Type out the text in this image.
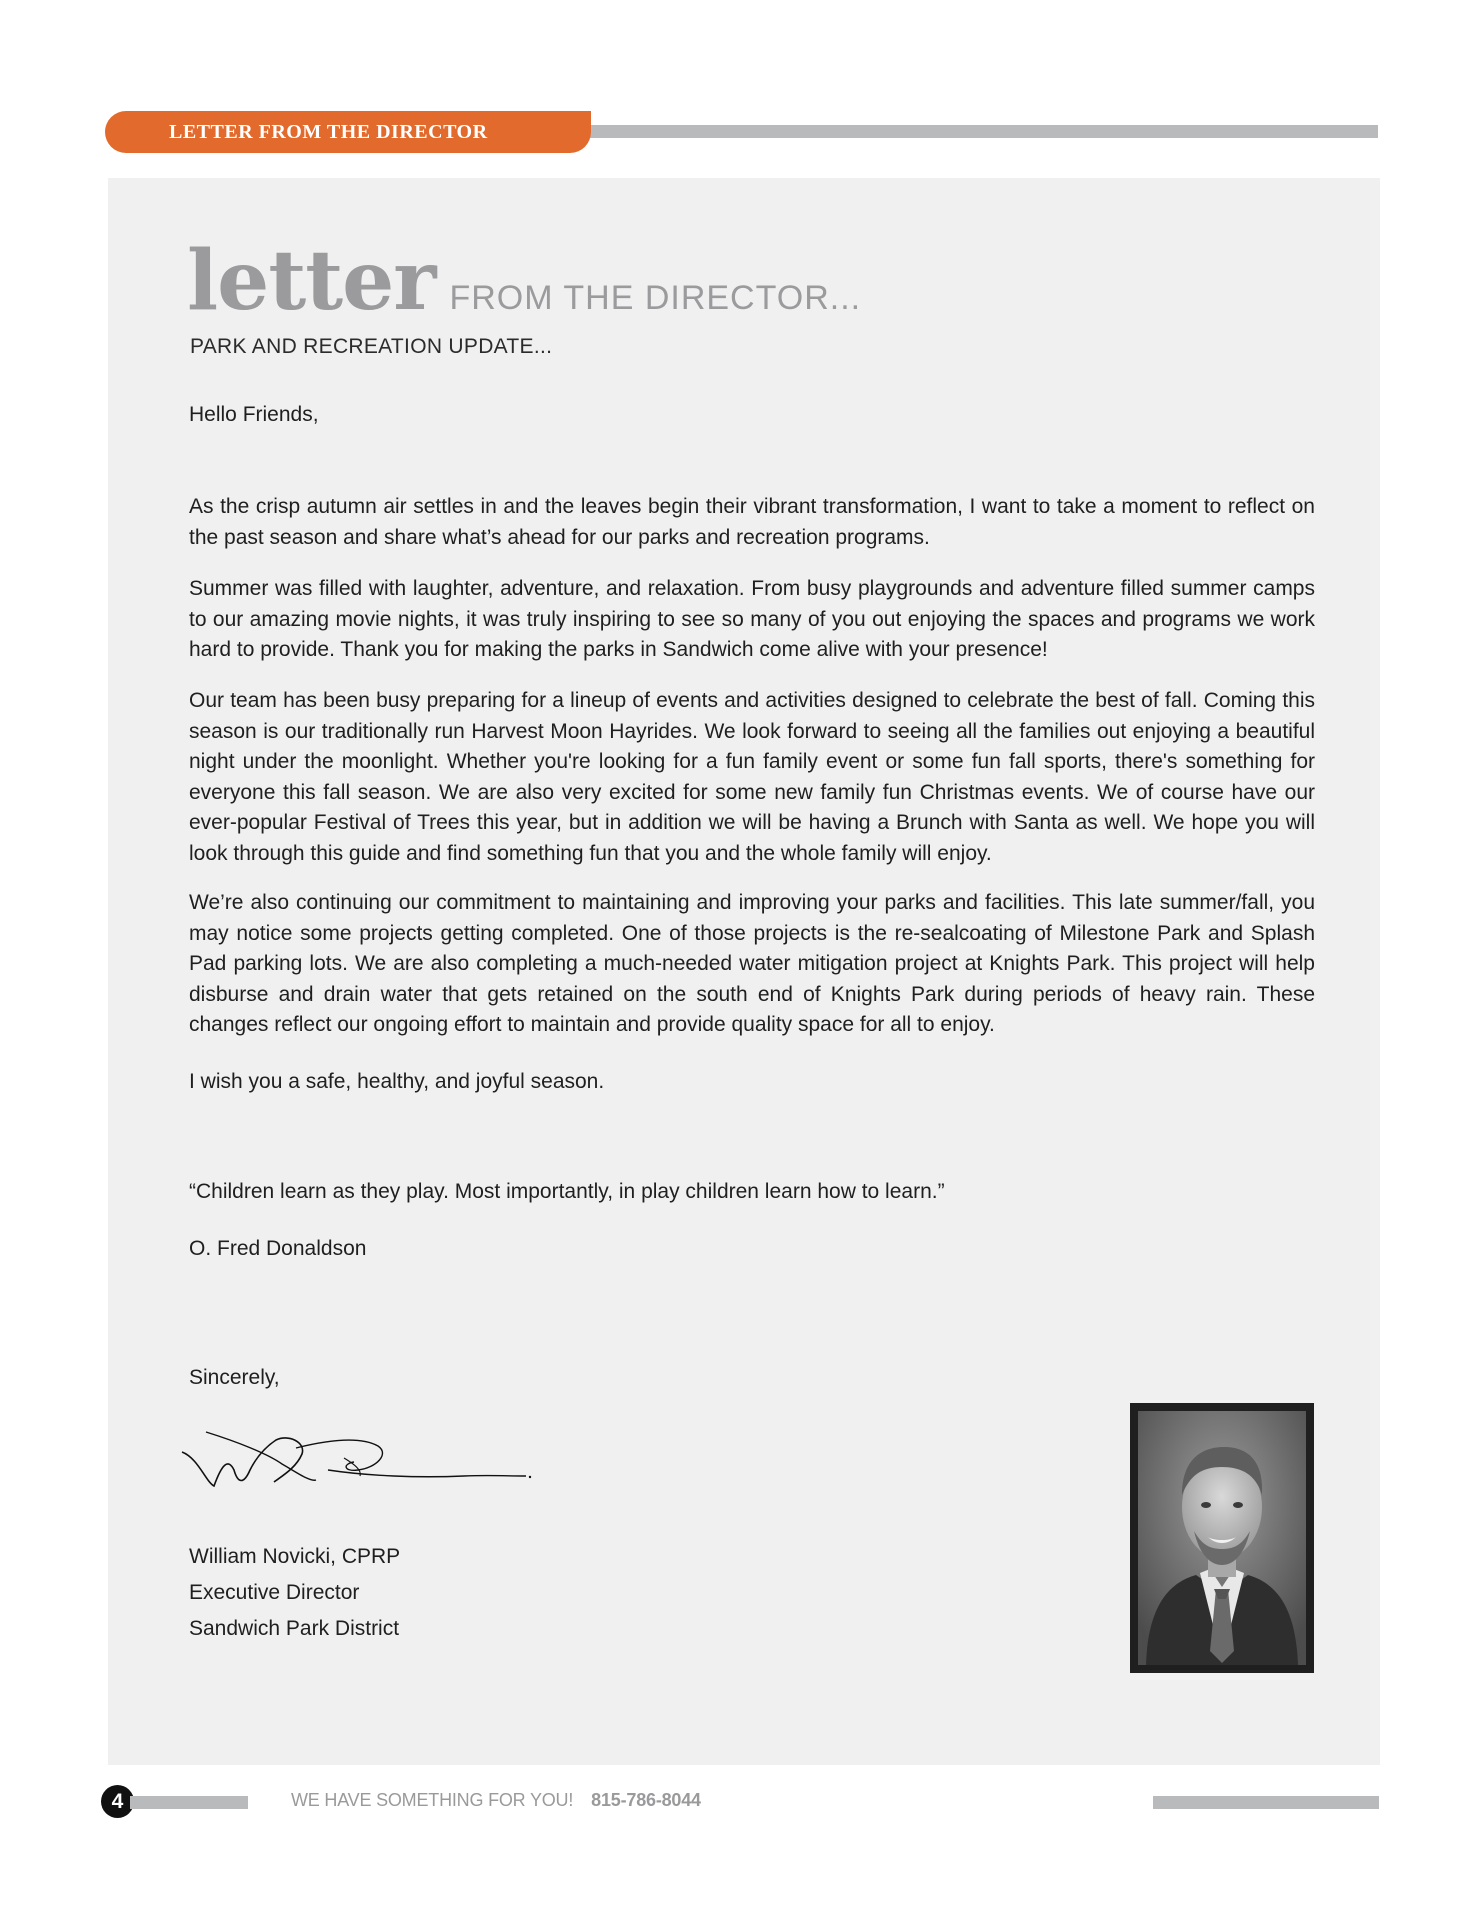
LETTER FROM THE DIRECTOR
letter FROM THE DIRECTOR...
PARK AND RECREATION UPDATE...
Hello Friends,
As the crisp autumn air settles in and the leaves begin their vibrant transformation, I want to take a moment to reflect on the past season and share what’s ahead for our parks and recreation programs.
Summer was filled with laughter, adventure, and relaxation. From busy playgrounds and adventure filled summer camps to our amazing movie nights, it was truly inspiring to see so many of you out enjoying the spaces and programs we work hard to provide. Thank you for making the parks in Sandwich come alive with your presence!
Our team has been busy preparing for a lineup of events and activities designed to celebrate the best of fall. Coming this season is our traditionally run Harvest Moon Hayrides. We look forward to seeing all the families out enjoying a beautiful night under the moonlight. Whether you're looking for a fun family event or some fun fall sports, there's something for everyone this fall season. We are also very excited for some new family fun Christmas events. We of course have our ever-popular Festival of Trees this year, but in addition we will be having a Brunch with Santa as well. We hope you will look through this guide and find something fun that you and the whole family will enjoy.
We’re also continuing our commitment to maintaining and improving your parks and facilities. This late summer/fall, you may notice some projects getting completed. One of those projects is the re-sealcoating of Milestone Park and Splash Pad parking lots. We are also completing a much-needed water mitigation project at Knights Park. This project will help disburse and drain water that gets retained on the south end of Knights Park during periods of heavy rain. These changes reflect our ongoing effort to maintain and provide quality space for all to enjoy.
I wish you a safe, healthy, and joyful season.
“Children learn as they play. Most importantly, in play children learn how to learn.”
O. Fred Donaldson
Sincerely,
William Novicki, CPRP
Executive Director
Sandwich Park District
4	WE HAVE SOMETHING FOR YOU! 815-786-8044
